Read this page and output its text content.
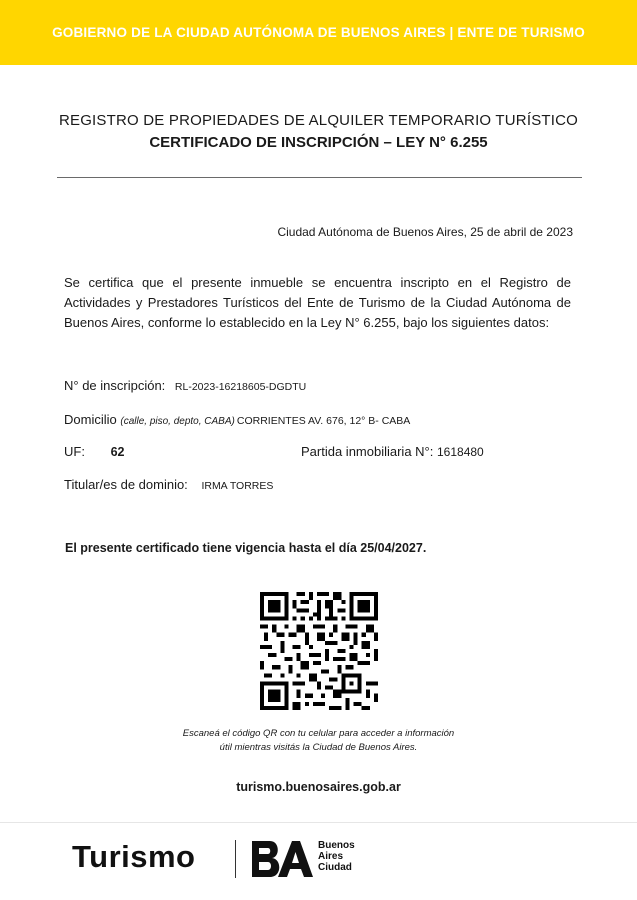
GOBIERNO DE LA CIUDAD AUTÓNOMA DE BUENOS AIRES | ENTE DE TURISMO
REGISTRO DE PROPIEDADES DE ALQUILER TEMPORARIO TURÍSTICO
CERTIFICADO DE INSCRIPCIÓN – LEY N° 6.255
Ciudad Autónoma de Buenos Aires, 25 de abril de 2023
Se certifica que el presente inmueble se encuentra inscripto en el Registro de Actividades y Prestadores Turísticos del Ente de Turismo de la Ciudad Autónoma de Buenos Aires, conforme lo establecido en la Ley N° 6.255, bajo los siguientes datos:
N° de inscripción: RL-2023-16218605-DGDTU
Domicilio (calle, piso, depto, CABA) CORRIENTES AV. 676, 12° B- CABA
UF: 62	Partida inmobiliaria N°: 1618480
Titular/es de dominio: IRMA TORRES
El presente certificado tiene vigencia hasta el día 25/04/2027.
Escaneá el código QR con tu celular para acceder a información
útil mientras visitás la Ciudad de Buenos Aires.
turismo.buenosaires.gob.ar
Turismo	Buenos
Aires
Ciudad
